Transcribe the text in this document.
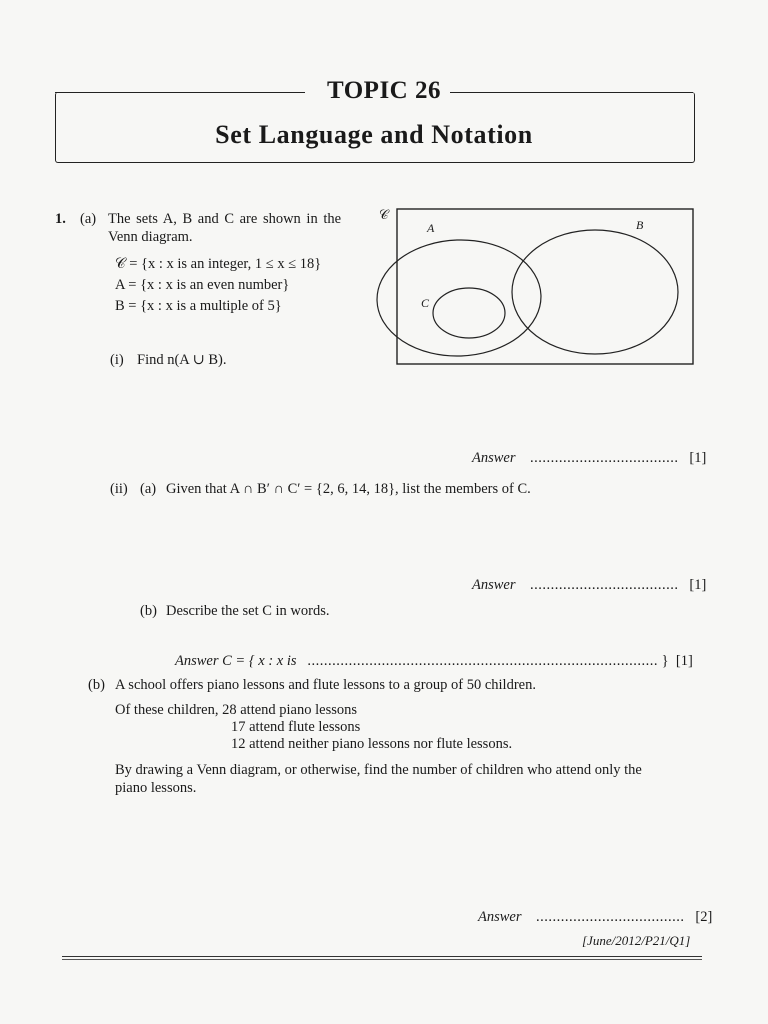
TOPIC 26
Set Language and Notation
1. (a) The sets A, B and C are shown in the
Venn diagram.
𝒞 = {x : x is an integer, 1 ≤ x ≤ 18}
A = {x : x is an even number}
B = {x : x is a multiple of 5}
𝒞
A	B
C
(i) Find n(A ∪ B).
Answer .................................... [1]
(ii) (a) Given that A ∩ B′ ∩ C′ = {2, 6, 14, 18}, list the members of C.
Answer .................................... [1]
(b) Describe the set C in words.
Answer C = { x : x is ..................................................................................... } [1]
(b) A school offers piano lessons and flute lessons to a group of 50 children.
Of these children, 28 attend piano lessons
17 attend flute lessons
12 attend neither piano lessons nor flute lessons.
By drawing a Venn diagram, or otherwise, find the number of children who attend only the
piano lessons.
Answer .................................... [2]
[June/2012/P21/Q1]
